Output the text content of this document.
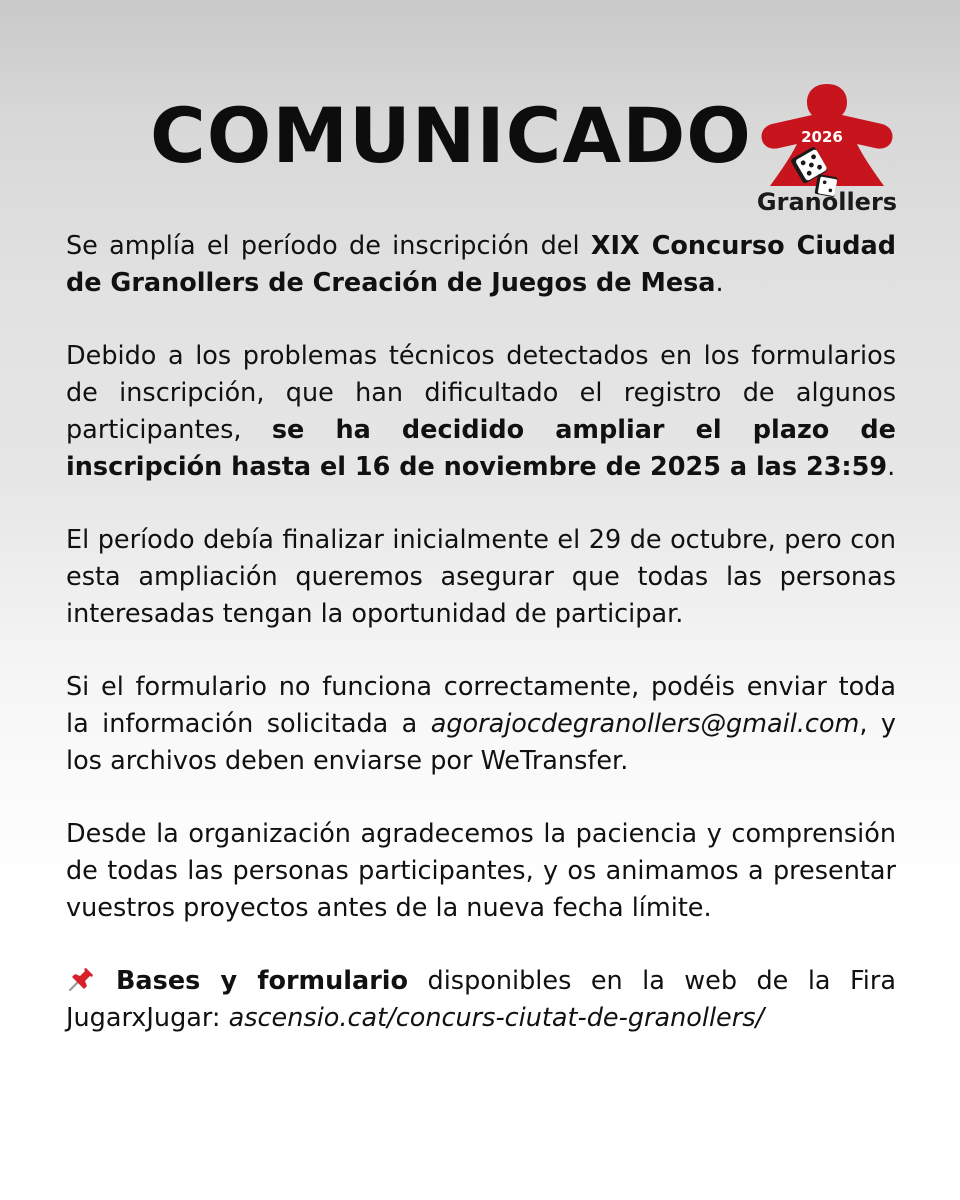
COMUNICADO	2026
Granollers

Se amplía el período de inscripción del XIX Concurso Ciudad de Granollers de Creación de Juegos de Mesa.

Debido a los problemas técnicos detectados en los formularios de inscripción, que han dificultado el registro de algunos participantes, se ha decidido ampliar el plazo de inscripción hasta el 16 de noviembre de 2025 a las 23:59.

El período debía finalizar inicialmente el 29 de octubre, pero con esta ampliación queremos asegurar que todas las personas interesadas tengan la oportunidad de participar.

Si el formulario no funciona correctamente, podéis enviar toda la información solicitada a agorajocdegranollers@gmail.com, y los archivos deben enviarse por WeTransfer.

Desde la organización agradecemos la paciencia y comprensión de todas las personas participantes, y os animamos a presentar vuestros proyectos antes de la nueva fecha límite.

Bases y formulario disponibles en la web de la Fira JugarxJugar: ascensio.cat/concurs-ciutat-de-granollers/
